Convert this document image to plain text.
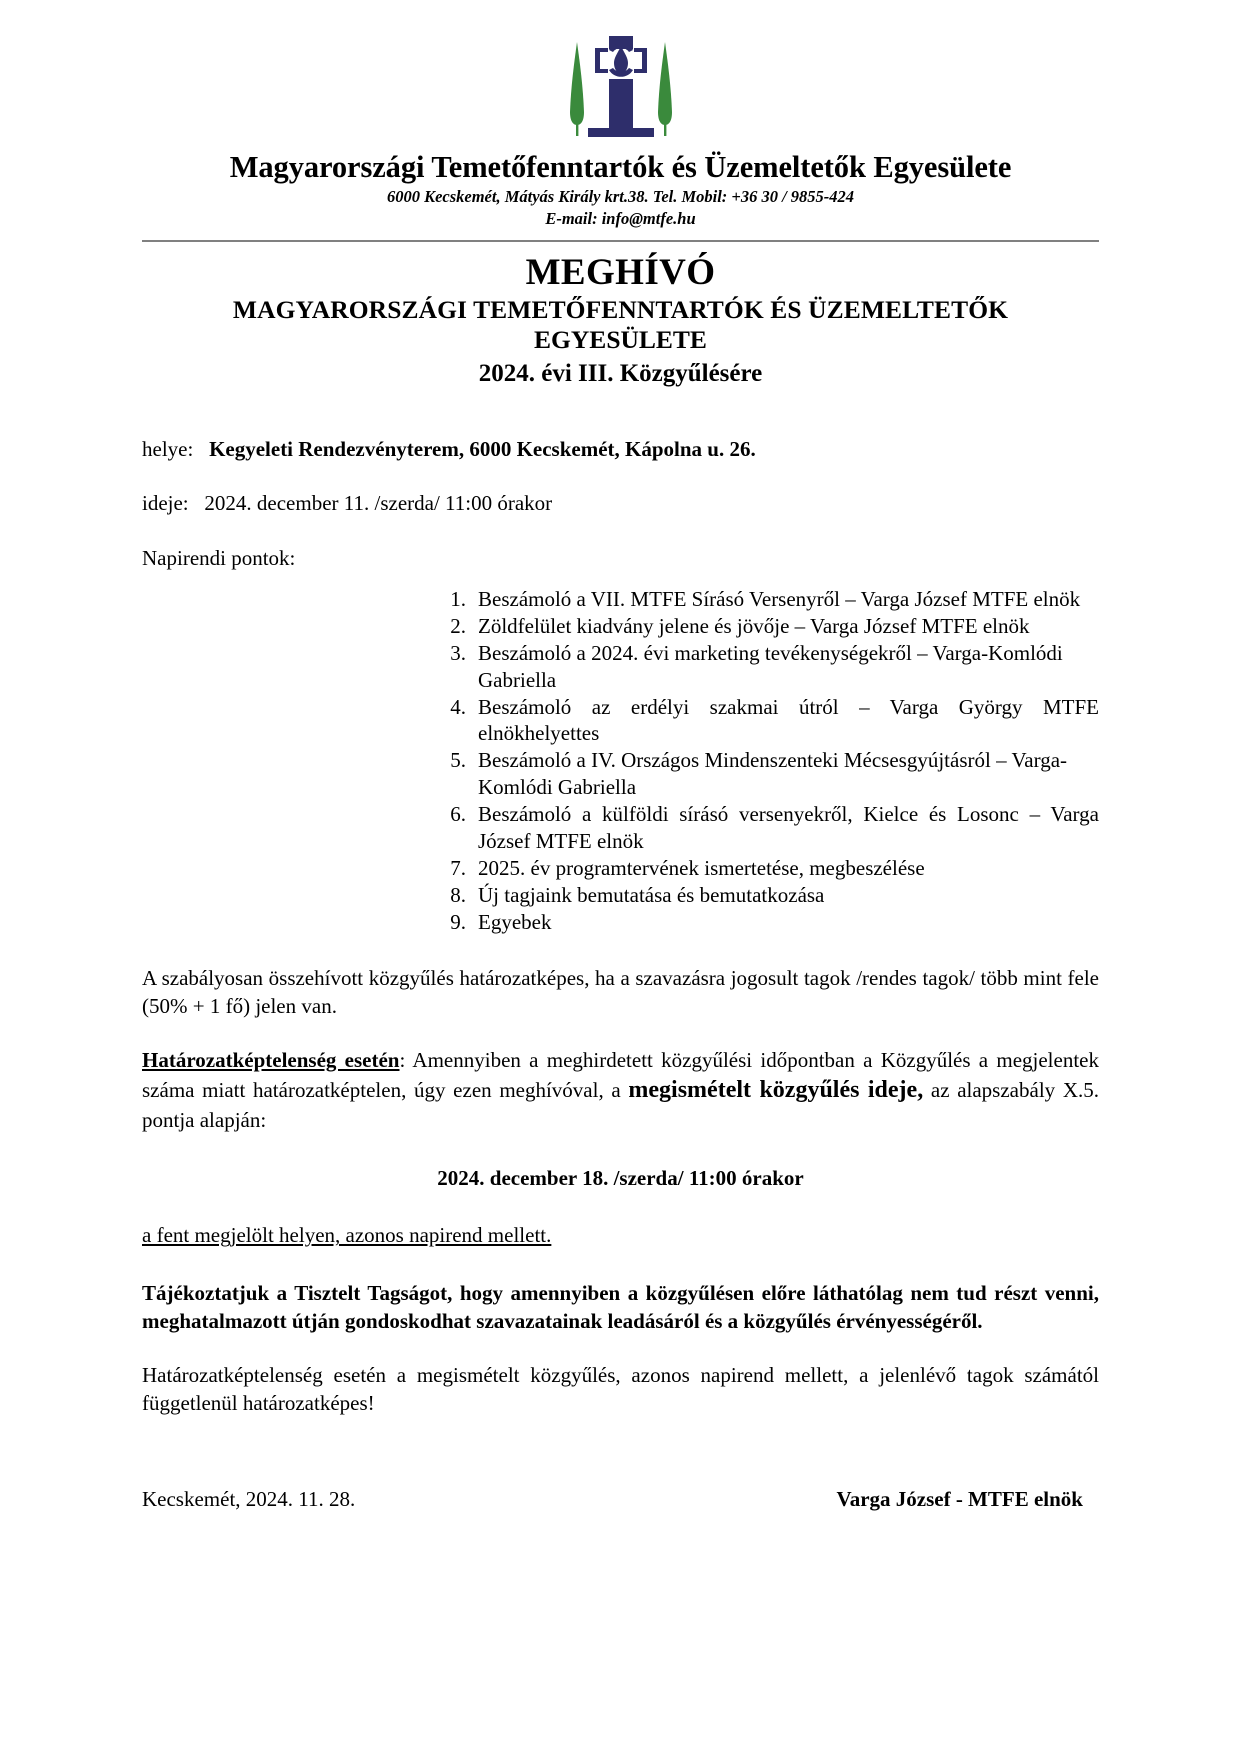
Magyarországi Temetőfenntartók és Üzemeltetők Egyesülete
6000 Kecskemét, Mátyás Király krt.38. Tel. Mobil: +36 30 / 9855-424
E-mail: info@mtfe.hu
MEGHÍVÓ
MAGYARORSZÁGI TEMETŐFENNTARTÓK ÉS ÜZEMELTETŐK
EGYESÜLETE
2024. évi III. Közgyűlésére
helye: Kegyeleti Rendezvényterem, 6000 Kecskemét, Kápolna u. 26.
ideje: 2024. december 11. /szerda/ 11:00 órakor
Napirendi pontok:
1. Beszámoló a VII. MTFE Sírásó Versenyről – Varga József MTFE elnök
2. Zöldfelület kiadvány jelene és jövője – Varga József MTFE elnök
3. Beszámoló a 2024. évi marketing tevékenységekről – Varga-Komlódi Gabriella
4. Beszámoló az erdélyi szakmai útról – Varga György MTFE elnökhelyettes
5. Beszámoló a IV. Országos Mindenszenteki Mécsesgyújtásról – Varga-Komlódi Gabriella
6. Beszámoló a külföldi sírásó versenyekről, Kielce és Losonc – Varga József MTFE elnök
7. 2025. év programtervének ismertetése, megbeszélése
8. Új tagjaink bemutatása és bemutatkozása
9. Egyebek

A szabályosan összehívott közgyűlés határozatképes, ha a szavazásra jogosult tagok /rendes tagok/ több mint fele (50% + 1 fő) jelen van.

Határozatképtelenség esetén: Amennyiben a meghirdetett közgyűlési időpontban a Közgyűlés a megjelentek száma miatt határozatképtelen, úgy ezen meghívóval, a megismételt közgyűlés ideje, az alapszabály X.5. pontja alapján:

2024. december 18. /szerda/ 11:00 órakor

a fent megjelölt helyen, azonos napirend mellett.

Tájékoztatjuk a Tisztelt Tagságot, hogy amennyiben a közgyűlésen előre láthatólag nem tud részt venni, meghatalmazott útján gondoskodhat szavazatainak leadásáról és a közgyűlés érvényességéről.

Határozatképtelenség esetén a megismételt közgyűlés, azonos napirend mellett, a jelenlévő tagok számától függetlenül határozatképes!

Kecskemét, 2024. 11. 28.	Varga József - MTFE elnök
